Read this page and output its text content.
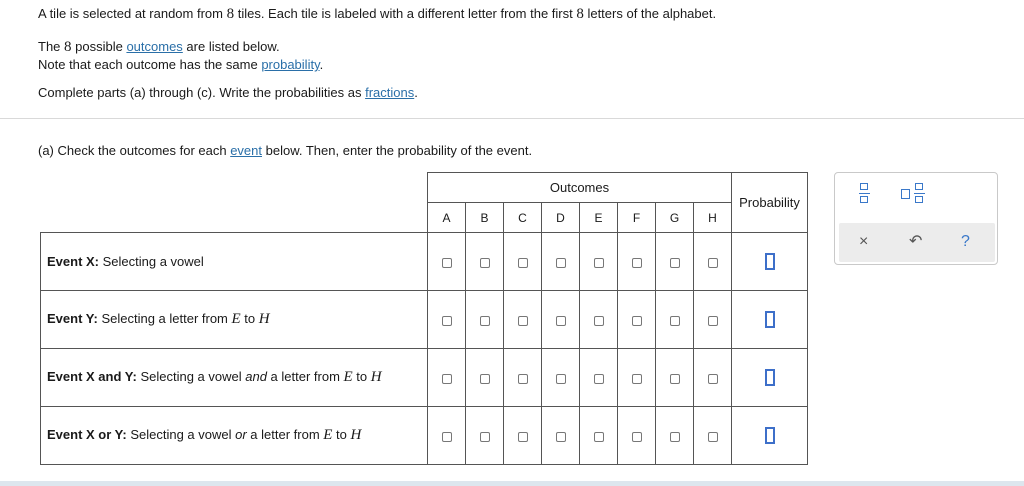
A tile is selected at random from 8 tiles. Each tile is labeled with a different letter from the first 8 letters of the alphabet.
The 8 possible outcomes are listed below.
Note that each outcome has the same probability.
Complete parts (a) through (c). Write the probabilities as fractions.
(a) Check the outcomes for each event below. Then, enter the probability of the event.
	Outcomes								Probability
	A	B	C	D	E	F	G	H	
Event X: Selecting a vowel									
Event Y: Selecting a letter from E to H									
Event X and Y: Selecting a vowel and a letter from E to H									
Event X or Y: Selecting a vowel or a letter from E to H									
×	↶ ?
